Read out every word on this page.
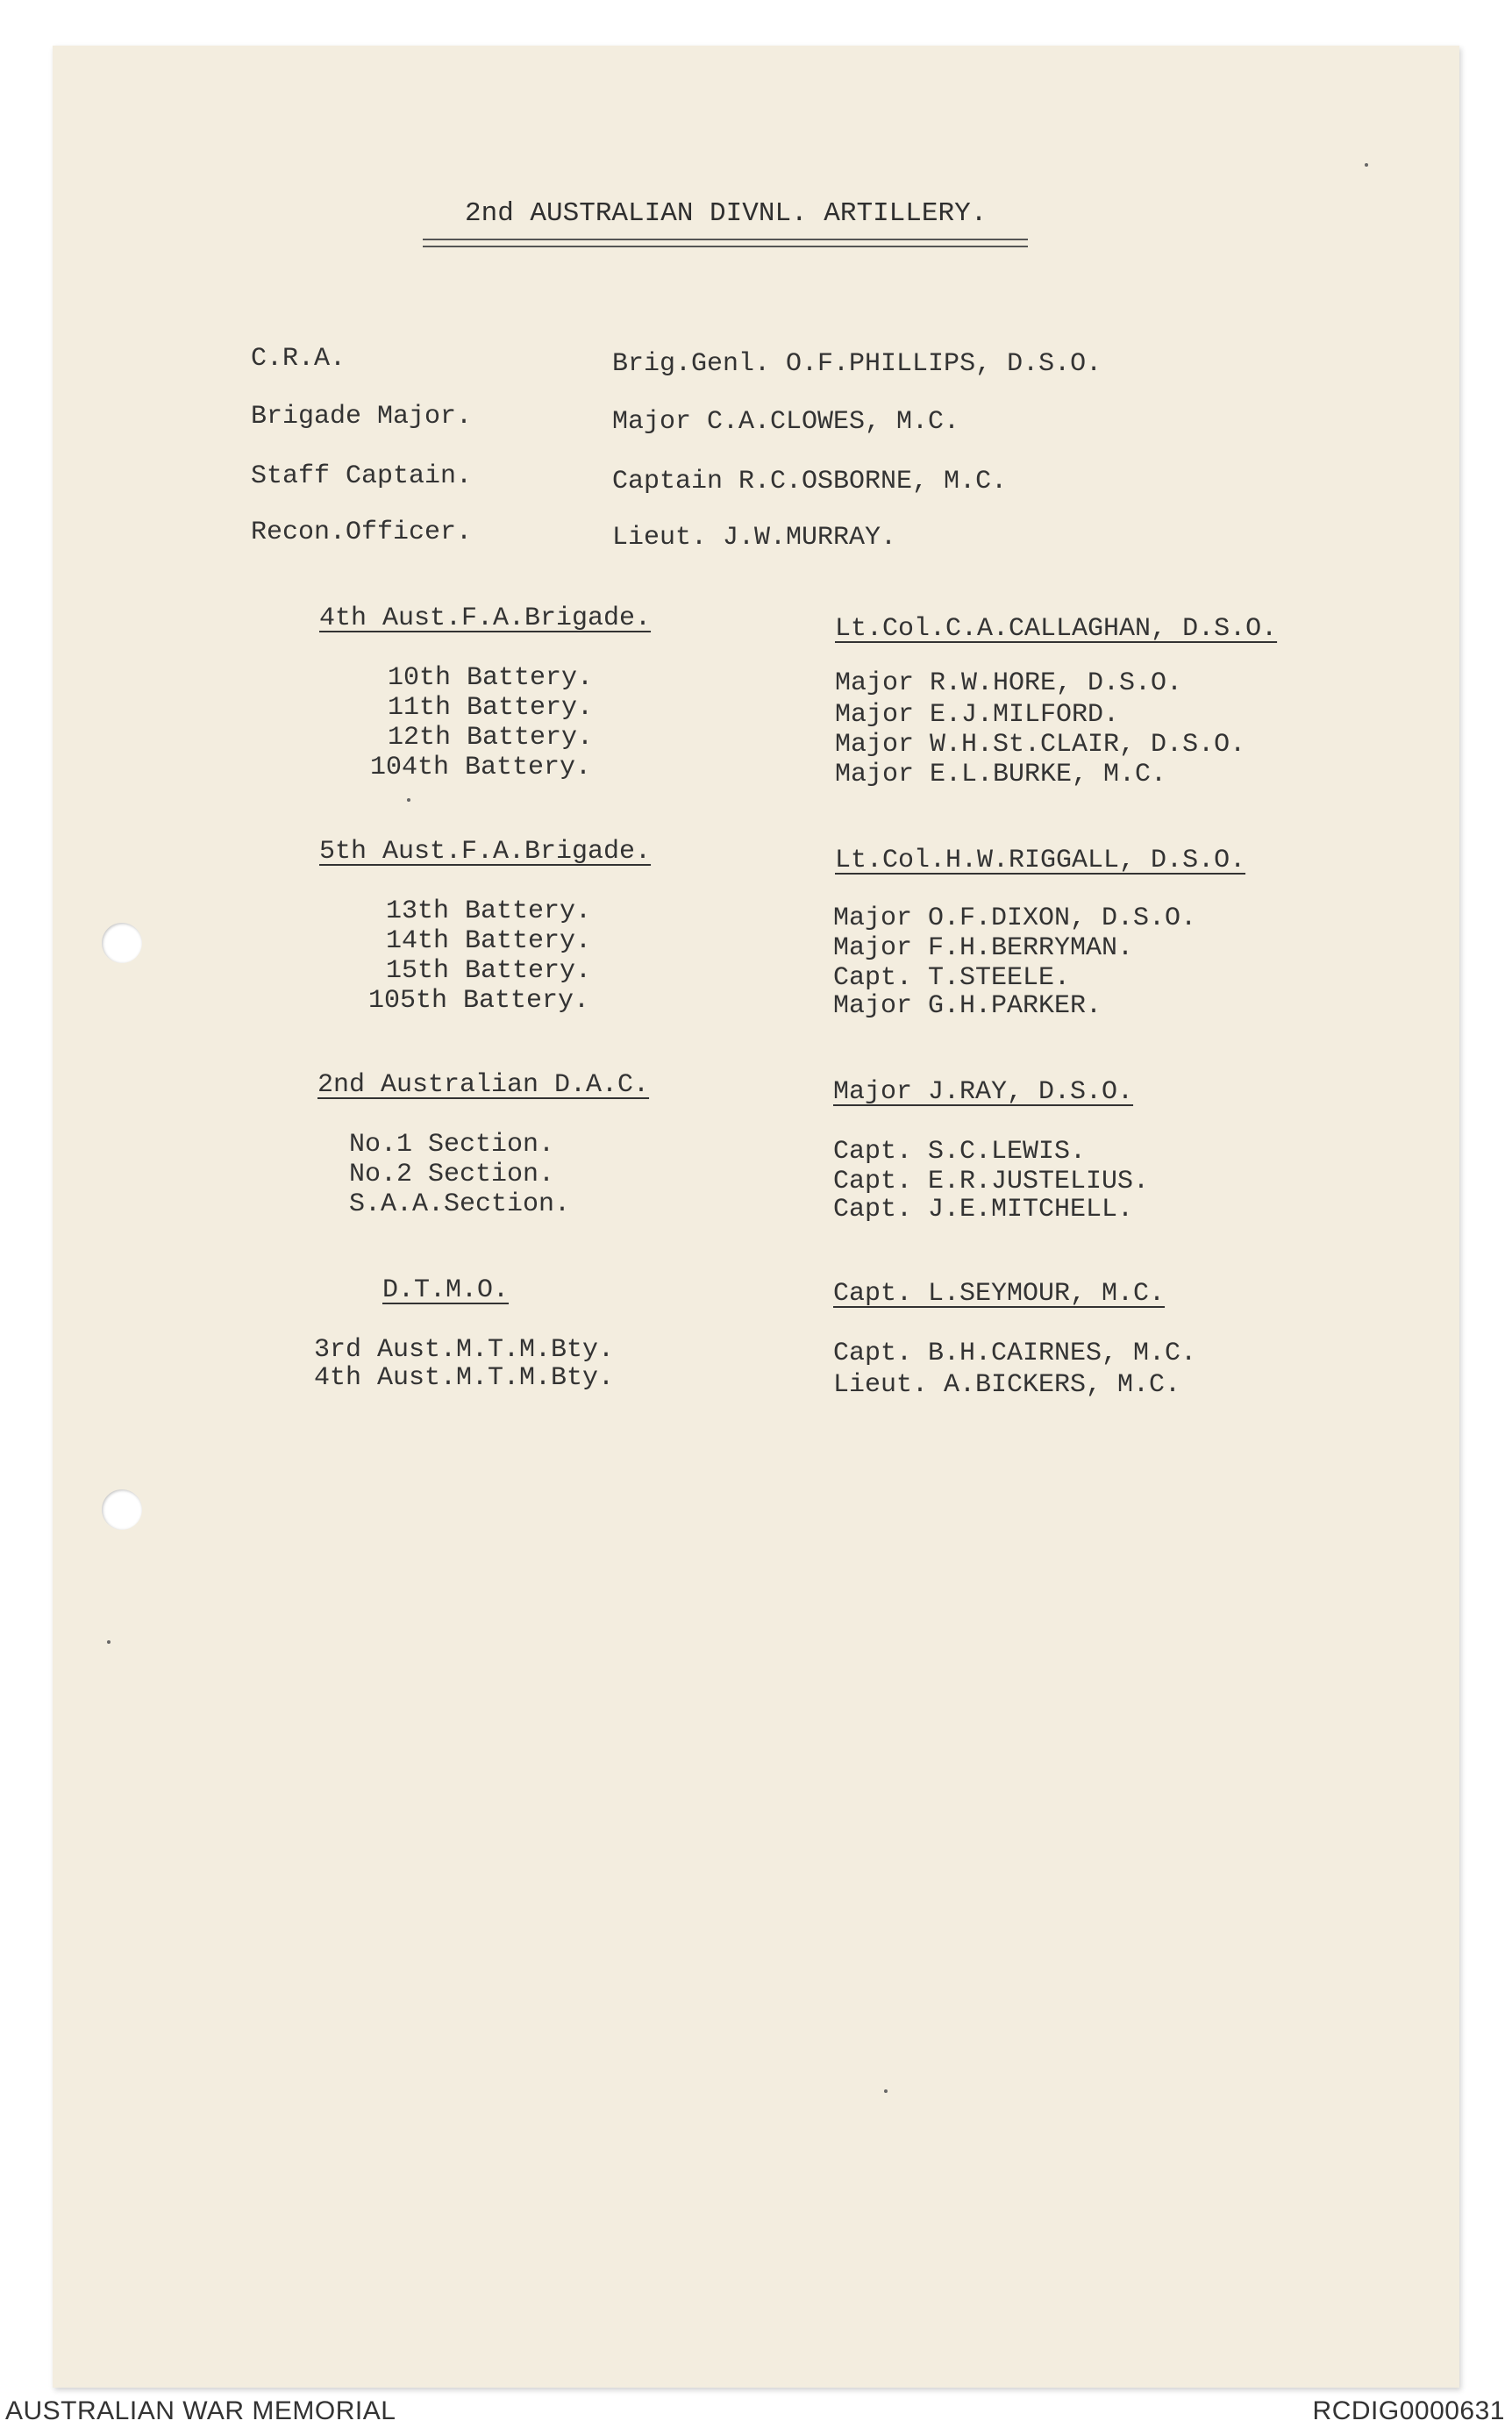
2nd AUSTRALIAN DIVNL. ARTILLERY.
C.R.A.	Brig.Genl. O.F.PHILLIPS, D.S.O.
Brigade Major.	Major C.A.CLOWES, M.C.
Staff Captain.	Captain R.C.OSBORNE, M.C.
Recon.Officer.	Lieut. J.W.MURRAY.
4th Aust.F.A.Brigade.	Lt.Col.C.A.CALLAGHAN, D.S.O.
10th Battery.	Major R.W.HORE, D.S.O.
11th Battery.	Major E.J.MILFORD.
12th Battery.	Major W.H.St.CLAIR, D.S.O.
104th Battery.	Major E.L.BURKE, M.C.
5th Aust.F.A.Brigade.	Lt.Col.H.W.RIGGALL, D.S.O.
13th Battery.	Major O.F.DIXON, D.S.O.
14th Battery.	Major F.H.BERRYMAN.
15th Battery.	Capt. T.STEELE.
105th Battery.	Major G.H.PARKER.
2nd Australian D.A.C.	Major J.RAY, D.S.O.
No.1 Section.	Capt. S.C.LEWIS.
No.2 Section.	Capt. E.R.JUSTELIUS.
S.A.A.Section.	Capt. J.E.MITCHELL.
D.T.M.O.	Capt. L.SEYMOUR, M.C.
3rd Aust.M.T.M.Bty.	Capt. B.H.CAIRNES, M.C.
4th Aust.M.T.M.Bty.	Lieut. A.BICKERS, M.C.
AUSTRALIAN WAR MEMORIAL	RCDIG0000631
